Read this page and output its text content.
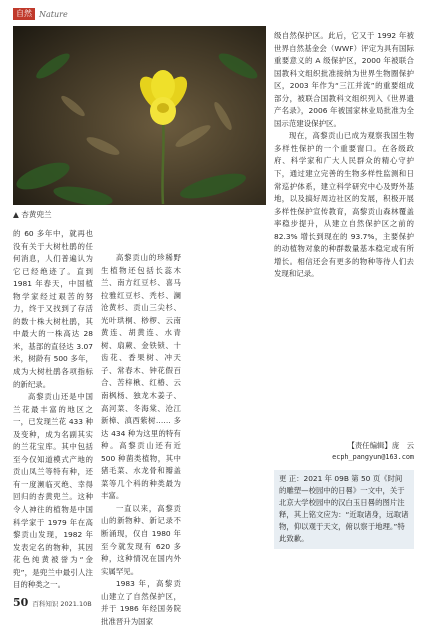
自然 Nature
▲ 杏黄兜兰

的 60 多年中，就再也没有关于大树杜鹃的任何消息，人们普遍认为它已经绝迹了。直到 1981 年春天，中国植物学家经过艰苦的努力，终于又找到了存活的数十株大树杜鹃，其中最大的一株高达 28 米，基部的直径达 3.07 米，树龄有 500 多年，成为大树杜鹃各项指标的新纪录。

高黎贡山还是中国兰花最丰富的地区之一，已发现兰花 433 种及变种，成为名副其实的兰花宝库。其中包括至今仅知道模式产地的贡山凤兰等特有种，还有一度濒临灭绝、幸得回归的杏黄兜兰。这种令人神往的植物是中国科学家于 1979 年在高黎贡山发现，1982 年发表定名的物种，其因花色纯黄被誉为“金兜”，是兜兰中最引人注目的种类之一。

高黎贡山的珍稀野生植物还包括长蕊木兰、南方红豆杉、喜马拉雅红豆杉、秃杉、澜沧黄杉、贡山三尖杉、光叶珙桐、桫椤、云南黄连、胡黄连、水青树、扇蕨、金铁锁、十齿花、香果树、冲天子、常春木、钟花假百合、苦梓楸、红椿、云南枫杨、独龙木姜子、高河菜、冬海棠、沧江新樟、滇西紫树…… 多达 434 种为这里的特有种。高黎贡山还有近 500 种菌类植物，其中猪毛菜、水龙骨和瓣盖菜等几个科的种类最为丰富。

一直以来，高黎贡山的新物种、新记录不断涌现，仅自 1980 年至今就发现有 620 多种，这种情况在国内外实属罕见。

1983 年，高黎贡山建立了自然保护区，并于 1986 年经国务院批准晋升为国家

级自然保护区。此后，它又于 1992 年被世界自然基金会（WWF）评定为具有国际重要意义的 A 级保护区，2000 年被联合国教科文组织批准接纳为世界生物圈保护区，2003 年作为“三江并流”的重要组成部分，被联合国教科文组织列入《世界遗产名录》，2006 年被国家林业局批准为全国示范建设保护区。

现在，高黎贡山已成为观察我国生物多样性保护的一个重要窗口。在各级政府、科学家和广大人民群众的精心守护下，通过建立完善的生物多样性监测和日常巡护体系，建立科学研究中心及野外基地，以及搞好周边社区的发展，积极开展多样性保护宣传教育，高黎贡山森林覆盖率稳步提升，从建立自然保护区之前的 82.3% 增长到现在的 93.7%，主要保护的动植物对象的种群数量基本稳定或有所增长。相信还会有更多的物种等待人们去发现和记录。

【责任编辑】庞　云
ecph_pangyun@163.com
更 正：2021 年 09B 第 50 页《时间的雕塑—校园中的日晷》一文中，关于北京大学校园中的汉白玉日晷的图片注释，其上铭文应为：“近取诸身，远取诸物，仰以观于天文，俯以察于地理。”特此致歉。
50 百科知识 2021.10B
